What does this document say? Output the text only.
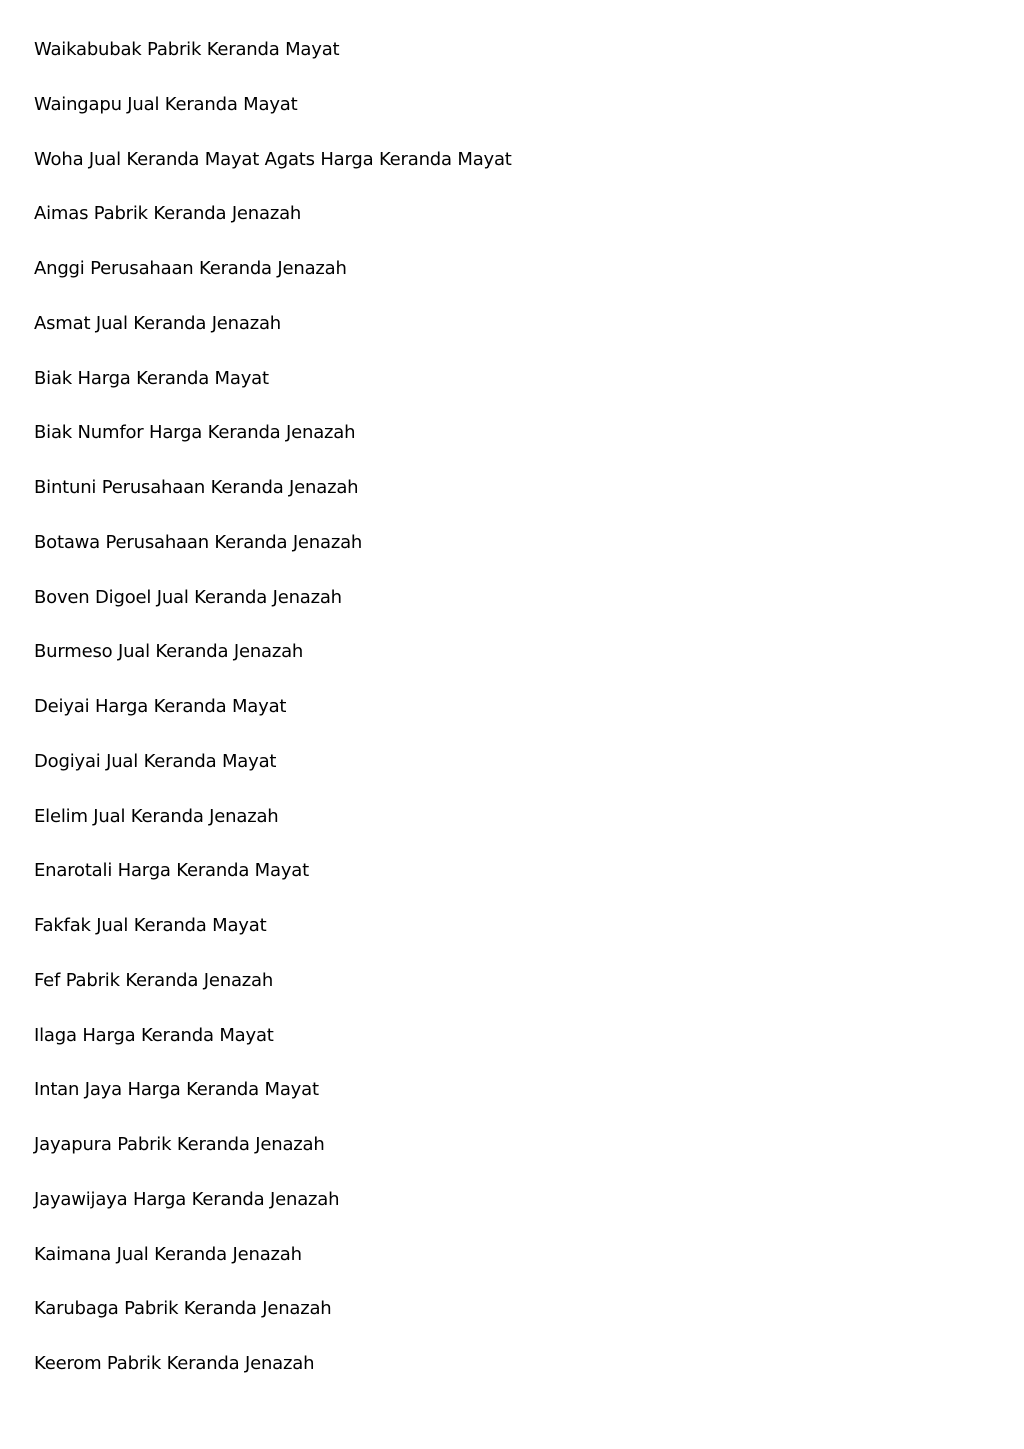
Waikabubak Pabrik Keranda Mayat
Waingapu Jual Keranda Mayat
Woha Jual Keranda Mayat Agats Harga Keranda Mayat
Aimas Pabrik Keranda Jenazah
Anggi Perusahaan Keranda Jenazah
Asmat Jual Keranda Jenazah
Biak Harga Keranda Mayat
Biak Numfor Harga Keranda Jenazah
Bintuni Perusahaan Keranda Jenazah
Botawa Perusahaan Keranda Jenazah
Boven Digoel Jual Keranda Jenazah
Burmeso Jual Keranda Jenazah
Deiyai Harga Keranda Mayat
Dogiyai Jual Keranda Mayat
Elelim Jual Keranda Jenazah
Enarotali Harga Keranda Mayat
Fakfak Jual Keranda Mayat
Fef Pabrik Keranda Jenazah
Ilaga Harga Keranda Mayat
Intan Jaya Harga Keranda Mayat
Jayapura Pabrik Keranda Jenazah
Jayawijaya Harga Keranda Jenazah
Kaimana Jual Keranda Jenazah
Karubaga Pabrik Keranda Jenazah
Keerom Pabrik Keranda Jenazah
